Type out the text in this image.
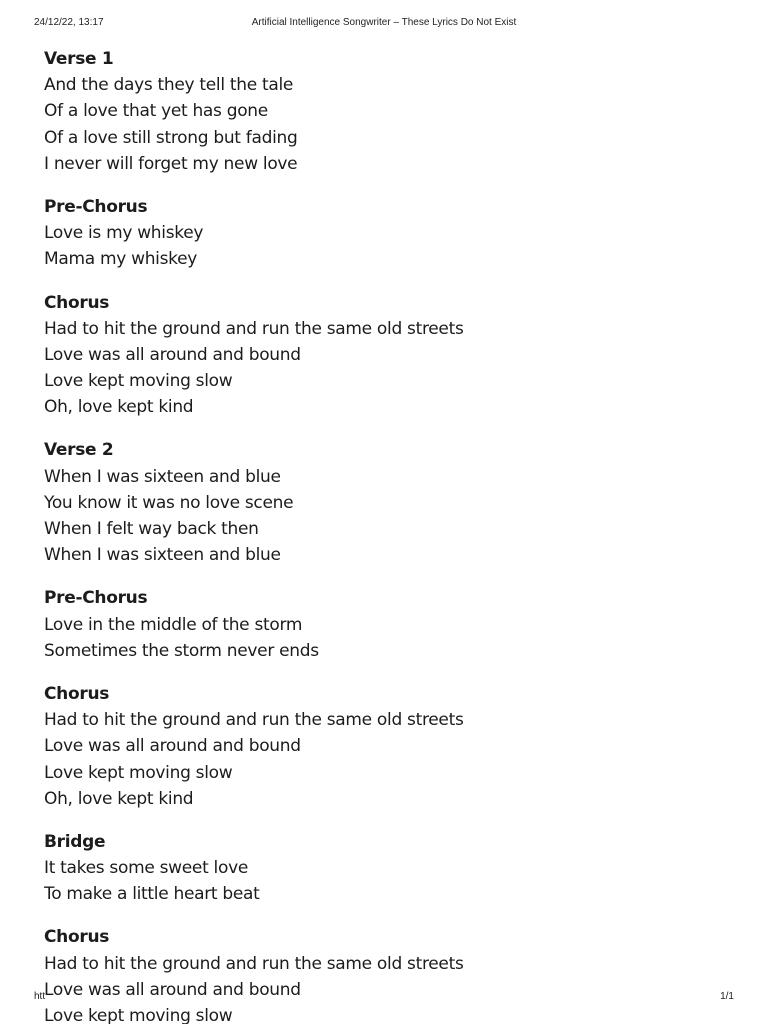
24/12/22, 13:17	Artificial Intelligence Songwriter – These Lyrics Do Not Exist
Verse 1
And the days they tell the tale
Of a love that yet has gone
Of a love still strong but fading
I never will forget my new love
Pre-Chorus
Love is my whiskey
Mama my whiskey
Chorus
Had to hit the ground and run the same old streets
Love was all around and bound
Love kept moving slow
Oh, love kept kind
Verse 2
When I was sixteen and blue
You know it was no love scene
When I felt way back then
When I was sixteen and blue
Pre-Chorus
Love in the middle of the storm
Sometimes the storm never ends
Chorus
Had to hit the ground and run the same old streets
Love was all around and bound
Love kept moving slow
Oh, love kept kind
Bridge
It takes some sweet love
To make a little heart beat
Chorus
Had to hit the ground and run the same old streets
Love was all around and bound
Love kept moving slow
htt	1/1
